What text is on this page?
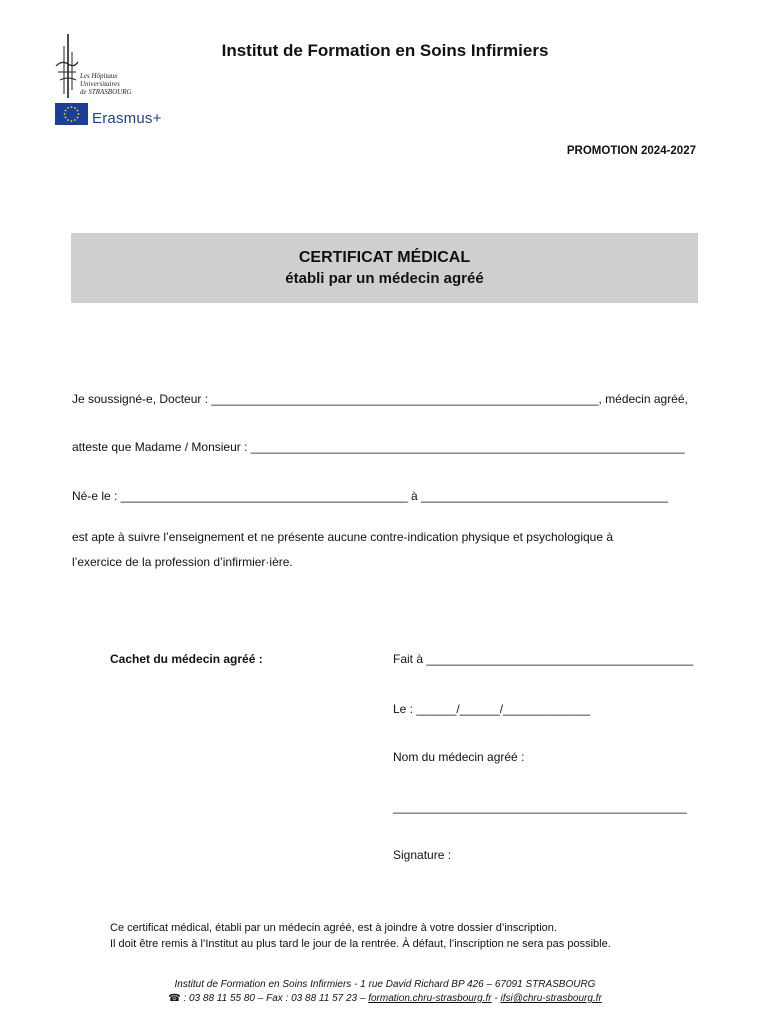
Les Hôpitaux
Universitaires
de STRASBOURG
Erasmus+
Institut de Formation en Soins Infirmiers
PROMOTION 2024-2027
CERTIFICAT MÉDICAL
établi par un médecin agréé
Je soussigné-e, Docteur : __________________________________________________________, médecin agréé,
atteste que Madame / Monsieur : _________________________________________________________________
Né-e le : ___________________________________________ à _____________________________________
est apte à suivre l’enseignement et ne présente aucune contre-indication physique et psychologique à
l’exercice de la profession d’infirmier·ière.
Cachet du médecin agréé :	Fait à ________________________________________
Le : ______/______/_____________
Nom du médecin agréé :
____________________________________________
Signature :
Ce certificat médical, établi par un médecin agréé, est à joindre à votre dossier d’inscription.
Il doit être remis à l’Institut au plus tard le jour de la rentrée. À défaut, l’inscription ne sera pas possible.
Institut de Formation en Soins Infirmiers - 1 rue David Richard BP 426 – 67091 STRASBOURG
☎ : 03 88 11 55 80 – Fax : 03 88 11 57 23 – formation.chru-strasbourg.fr - ifsi@chru-strasbourg.fr
